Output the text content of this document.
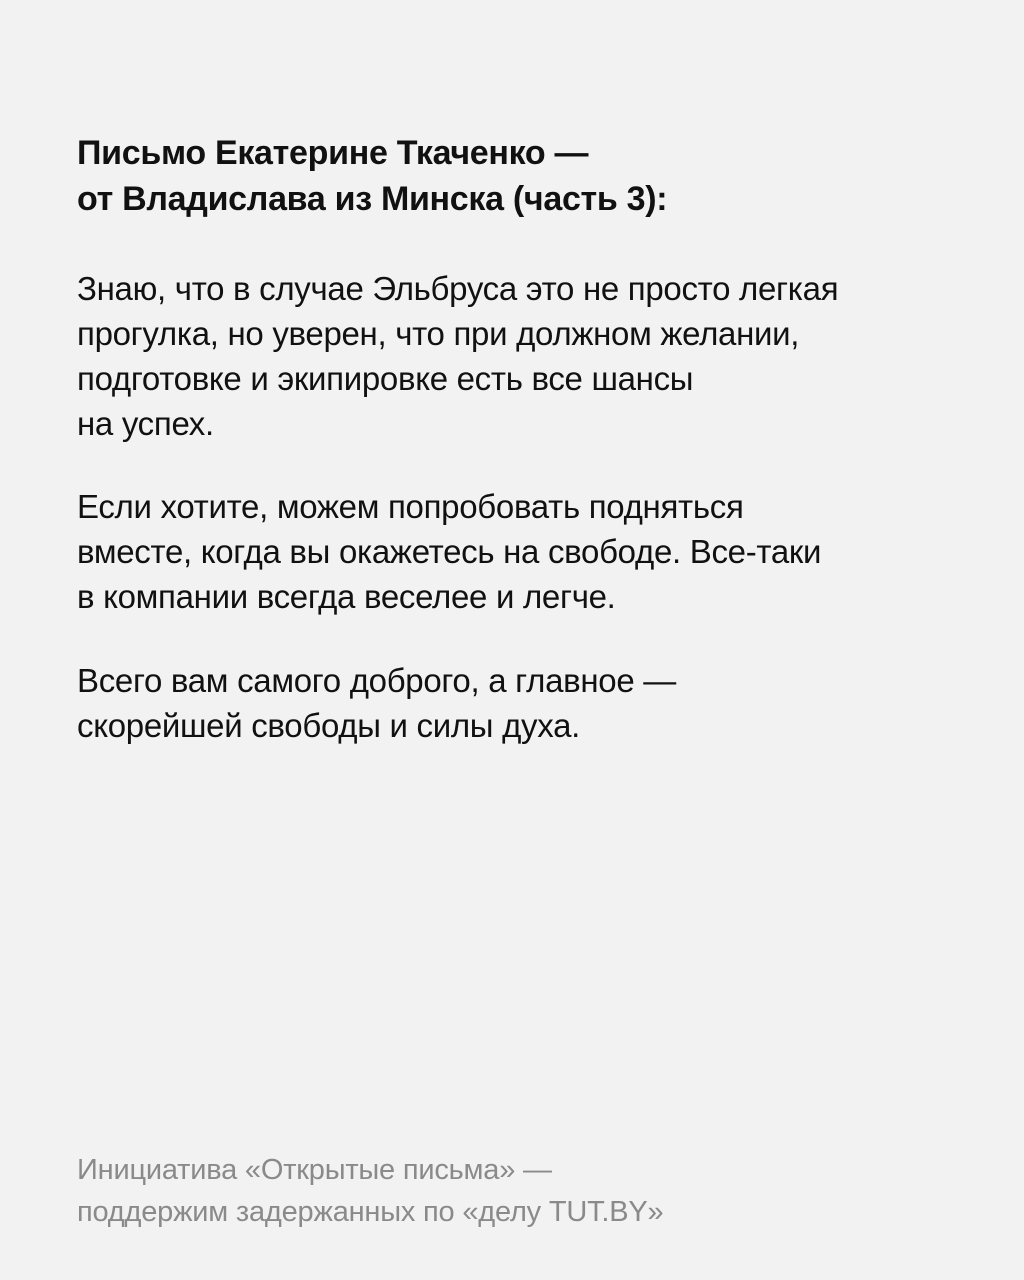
Письмо Екатерине Ткаченко —
от Владислава из Минска (часть 3):

Знаю, что в случае Эльбруса это не просто легкая
прогулка, но уверен, что при должном желании,
подготовке и экипировке есть все шансы
на успех.

Если хотите, можем попробовать подняться
вместе, когда вы окажетесь на свободе. Все-таки
в компании всегда веселее и легче.

Всего вам самого доброго, а главное —
скорейшей свободы и силы духа.

Инициатива «Открытые письма» —
поддержим задержанных по «делу TUT.BY»
